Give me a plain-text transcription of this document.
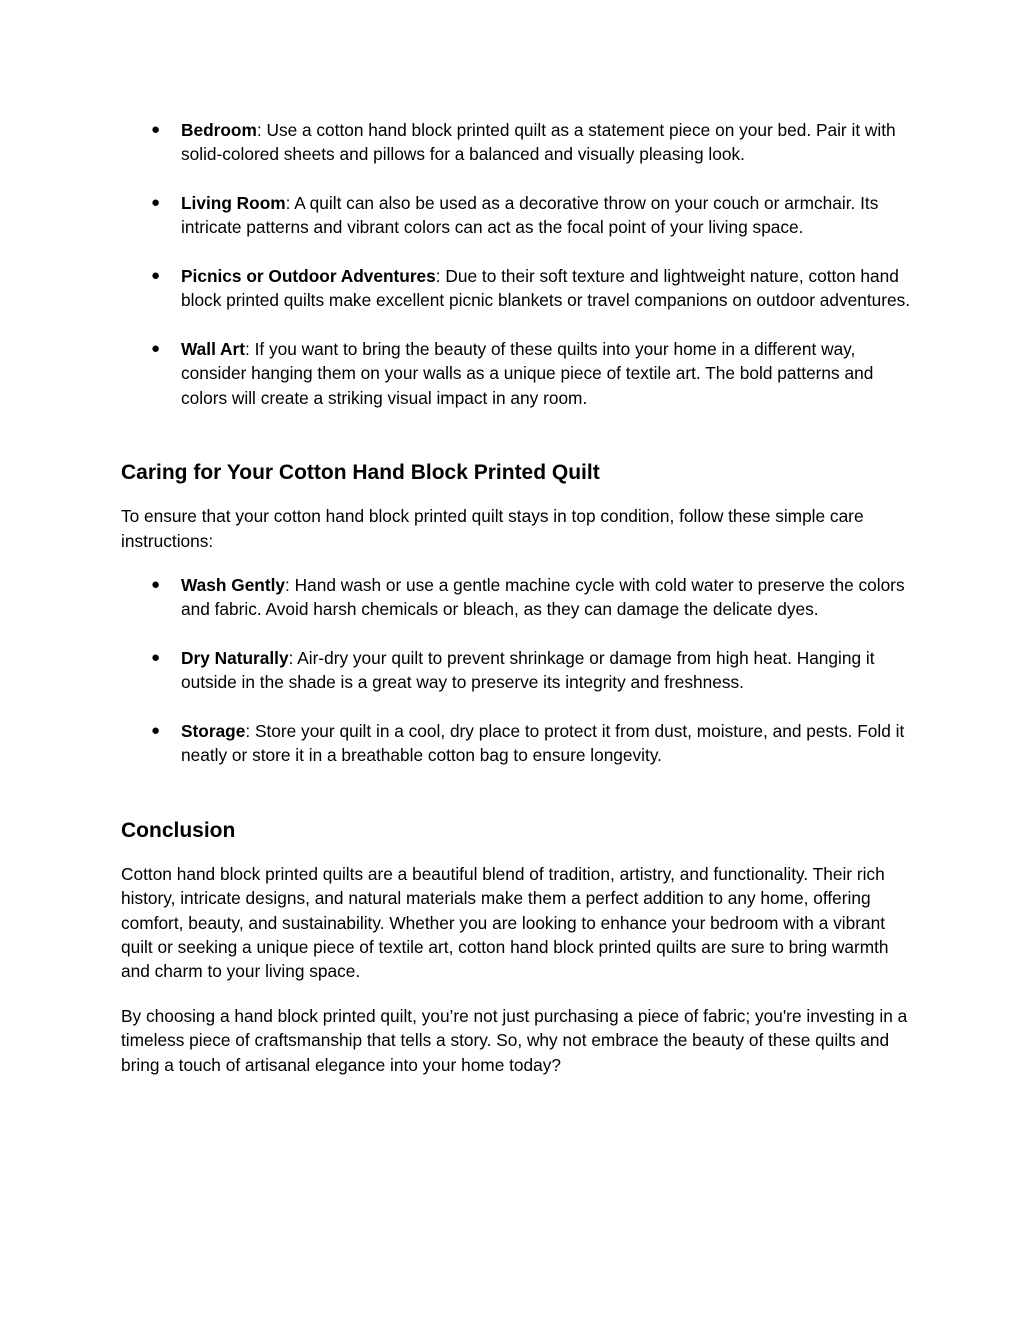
● Bedroom: Use a cotton hand block printed quilt as a statement piece on your bed. Pair it with solid-colored sheets and pillows for a balanced and visually pleasing look.
● Living Room: A quilt can also be used as a decorative throw on your couch or armchair. Its intricate patterns and vibrant colors can act as the focal point of your living space.
● Picnics or Outdoor Adventures: Due to their soft texture and lightweight nature, cotton hand block printed quilts make excellent picnic blankets or travel companions on outdoor adventures.
● Wall Art: If you want to bring the beauty of these quilts into your home in a different way, consider hanging them on your walls as a unique piece of textile art. The bold patterns and colors will create a striking visual impact in any room.
Caring for Your Cotton Hand Block Printed Quilt

To ensure that your cotton hand block printed quilt stays in top condition, follow these simple care instructions:

● Wash Gently: Hand wash or use a gentle machine cycle with cold water to preserve the colors and fabric. Avoid harsh chemicals or bleach, as they can damage the delicate dyes.
● Dry Naturally: Air-dry your quilt to prevent shrinkage or damage from high heat. Hanging it outside in the shade is a great way to preserve its integrity and freshness.
● Storage: Store your quilt in a cool, dry place to protect it from dust, moisture, and pests. Fold it neatly or store it in a breathable cotton bag to ensure longevity.
Conclusion

Cotton hand block printed quilts are a beautiful blend of tradition, artistry, and functionality. Their rich history, intricate designs, and natural materials make them a perfect addition to any home, offering comfort, beauty, and sustainability. Whether you are looking to enhance your bedroom with a vibrant quilt or seeking a unique piece of textile art, cotton hand block printed quilts are sure to bring warmth and charm to your living space.

By choosing a hand block printed quilt, you’re not just purchasing a piece of fabric; you're investing in a timeless piece of craftsmanship that tells a story. So, why not embrace the beauty of these quilts and bring a touch of artisanal elegance into your home today?
